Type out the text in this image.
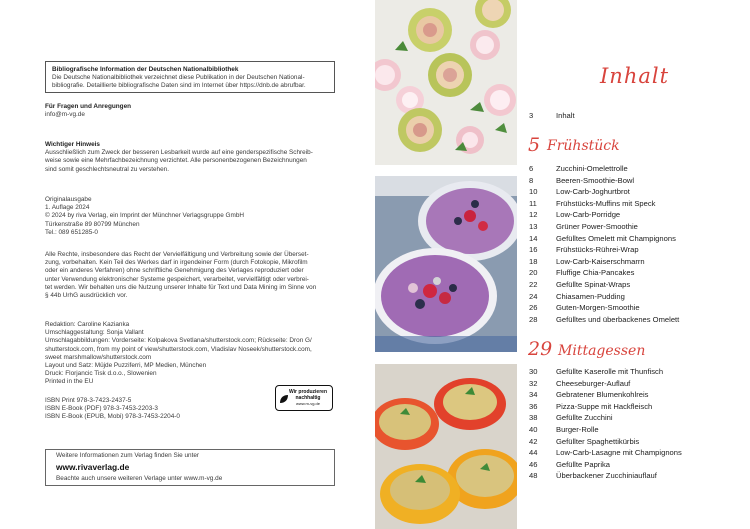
Bibliografische Information der Deutschen Nationalbibliothek
Die Deutsche Nationalbibliothek verzeichnet diese Publikation in der Deutschen National-
bibliografie. Detaillierte bibliografische Daten sind im Internet über https://dnb.de abrufbar.
Für Fragen und Anregungen
info@m-vg.de
Wichtiger Hinweis
Ausschließlich zum Zweck der besseren Lesbarkeit wurde auf eine genderspezifische Schreib-
weise sowie eine Mehrfachbezeichnung verzichtet. Alle personenbezogenen Bezeichnungen
sind somit geschlechtsneutral zu verstehen.
Originalausgabe
1. Auflage 2024
© 2024 by riva Verlag, ein Imprint der Münchner Verlagsgruppe GmbH
Türkenstraße 89 80799 München
Tel.: 089 651285-0
Alle Rechte, insbesondere das Recht der Vervielfältigung und Verbreitung sowie der Überset-
zung, vorbehalten. Kein Teil des Werkes darf in irgendeiner Form (durch Fotokopie, Mikrofilm
oder ein anderes Verfahren) ohne schriftliche Genehmigung des Verlages reproduziert oder
unter Verwendung elektronischer Systeme gespeichert, verarbeitet, vervielfältigt oder verbrei-
tet werden. Wir behalten uns die Nutzung unserer Inhalte für Text und Data Mining im Sinne von
§ 44b UrhG ausdrücklich vor.
Redaktion: Caroline Kazianka
Umschlaggestaltung: Sonja Vallant
Umschlagabbildungen: Vorderseite: Kolpakova Svetlana/shutterstock.com; Rückseite: Dron G/
shutterstock.com, from my point of view/shutterstock.com, Vladislav Noseek/shutterstock.com,
sweet marshmallow/shutterstock.com
Layout und Satz: Müjde Puzziferri, MP Medien, München
Druck: Florjancic Tisk d.o.o., Slowenien
Printed in the EU
ISBN Print 978-3-7423-2437-5
ISBN E-Book (PDF) 978-3-7453-2203-3
ISBN E-Book (EPUB, Mobi) 978-3-7453-2204-0
Wir produzieren
nachhaltig
www.m-vg.de
Weitere Informationen zum Verlag finden Sie unter
www.rivaverlag.de
Beachte auch unsere weiteren Verlage unter www.m-vg.de
Inhalt
3	Inhalt
5 Frühstück
6	Zucchini-Omelettrolle
8	Beeren-Smoothie-Bowl
10 Low-Carb-Joghurtbrot
11	Frühstücks-Muffins mit Speck
12 Low-Carb-Porridge
13 Grüner Power-Smoothie
14 Gefülltes Omelett mit Champignons
16 Frühstücks-Rührei-Wrap
18 Low-Carb-Kaiserschmarrn
20 Fluffige Chia-Pancakes
22 Gefüllte Spinat-Wraps
24 Chiasamen-Pudding
26 Guten-Morgen-Smoothie
28 Gefülltes und überbackenes Omelett
29 Mittagessen
30 Gefüllte Kaserolle mit Thunfisch
32 Cheeseburger-Auflauf
34 Gebratener Blumenkohlreis
36 Pizza-Suppe mit Hackfleisch
38 Gefüllte Zucchini
40 Burger-Rolle
42 Gefüllter Spaghettikürbis
44 Low-Carb-Lasagne mit Champignons
46 Gefüllte Paprika
48 Überbackener Zucchiniauflauf
